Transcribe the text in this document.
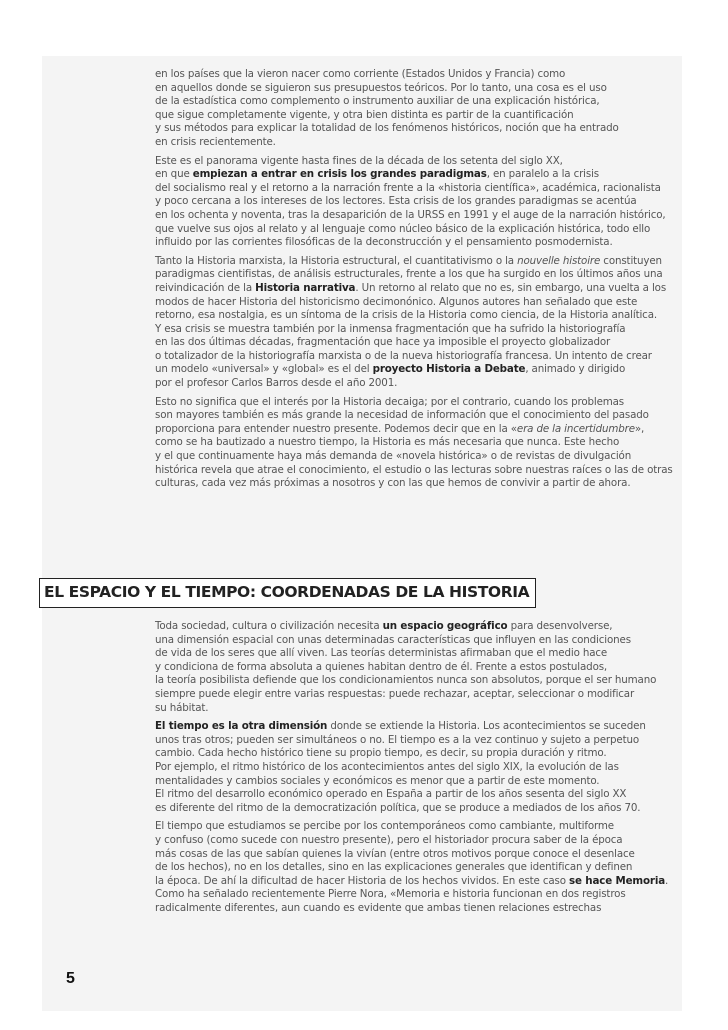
en los países que la vieron nacer como corriente (Estados Unidos y Francia) como
en aquellos donde se siguieron sus presupuestos teóricos. Por lo tanto, una cosa es el uso
de la estadística como complemento o instrumento auxiliar de una explicación histórica,
que sigue completamente vigente, y otra bien distinta es partir de la cuantificación
y sus métodos para explicar la totalidad de los fenómenos históricos, noción que ha entrado
en crisis recientemente.
Este es el panorama vigente hasta fines de la década de los setenta del siglo XX,
en que empiezan a entrar en crisis los grandes paradigmas, en paralelo a la crisis
del socialismo real y el retorno a la narración frente a la «historia científica», académica, racionalista
y poco cercana a los intereses de los lectores. Esta crisis de los grandes paradigmas se acentúa
en los ochenta y noventa, tras la desaparición de la URSS en 1991 y el auge de la narración histórico,
que vuelve sus ojos al relato y al lenguaje como núcleo básico de la explicación histórica, todo ello
influido por las corrientes filosóficas de la deconstrucción y el pensamiento posmodernista.
Tanto la Historia marxista, la Historia estructural, el cuantitativismo o la nouvelle histoire constituyen
paradigmas cientifistas, de análisis estructurales, frente a los que ha surgido en los últimos años una
reivindicación de la Historia narrativa. Un retorno al relato que no es, sin embargo, una vuelta a los
modos de hacer Historia del historicismo decimonónico. Algunos autores han señalado que este
retorno, esa nostalgia, es un síntoma de la crisis de la Historia como ciencia, de la Historia analítica.
Y esa crisis se muestra también por la inmensa fragmentación que ha sufrido la historiografía
en las dos últimas décadas, fragmentación que hace ya imposible el proyecto globalizador
o totalizador de la historiografía marxista o de la nueva historiografía francesa. Un intento de crear
un modelo «universal» y «global» es el del proyecto Historia a Debate, animado y dirigido
por el profesor Carlos Barros desde el año 2001.
Esto no significa que el interés por la Historia decaiga; por el contrario, cuando los problemas
son mayores también es más grande la necesidad de información que el conocimiento del pasado
proporciona para entender nuestro presente. Podemos decir que en la «era de la incertidumbre»,
como se ha bautizado a nuestro tiempo, la Historia es más necesaria que nunca. Este hecho
y el que continuamente haya más demanda de «novela histórica» o de revistas de divulgación
histórica revela que atrae el conocimiento, el estudio o las lecturas sobre nuestras raíces o las de otras
culturas, cada vez más próximas a nosotros y con las que hemos de convivir a partir de ahora.
EL ESPACIO Y EL TIEMPO: COORDENADAS DE LA HISTORIA
Toda sociedad, cultura o civilización necesita un espacio geográfico para desenvolverse,
una dimensión espacial con unas determinadas características que influyen en las condiciones
de vida de los seres que allí viven. Las teorías deterministas afirmaban que el medio hace
y condiciona de forma absoluta a quienes habitan dentro de él. Frente a estos postulados,
la teoría posibilista defiende que los condicionamientos nunca son absolutos, porque el ser humano
siempre puede elegir entre varias respuestas: puede rechazar, aceptar, seleccionar o modificar
su hábitat.
El tiempo es la otra dimensión donde se extiende la Historia. Los acontecimientos se suceden
unos tras otros; pueden ser simultáneos o no. El tiempo es a la vez continuo y sujeto a perpetuo
cambio. Cada hecho histórico tiene su propio tiempo, es decir, su propia duración y ritmo.
Por ejemplo, el ritmo histórico de los acontecimientos antes del siglo XIX, la evolución de las
mentalidades y cambios sociales y económicos es menor que a partir de este momento.
El ritmo del desarrollo económico operado en España a partir de los años sesenta del siglo XX
es diferente del ritmo de la democratización política, que se produce a mediados de los años 70.
El tiempo que estudiamos se percibe por los contemporáneos como cambiante, multiforme
y confuso (como sucede con nuestro presente), pero el historiador procura saber de la época
más cosas de las que sabían quienes la vivían (entre otros motivos porque conoce el desenlace
de los hechos), no en los detalles, sino en las explicaciones generales que identifican y definen
la época. De ahí la dificultad de hacer Historia de los hechos vividos. En este caso se hace Memoria.
Como ha señalado recientemente Pierre Nora, «Memoria e historia funcionan en dos registros
radicalmente diferentes, aun cuando es evidente que ambas tienen relaciones estrechas
5
